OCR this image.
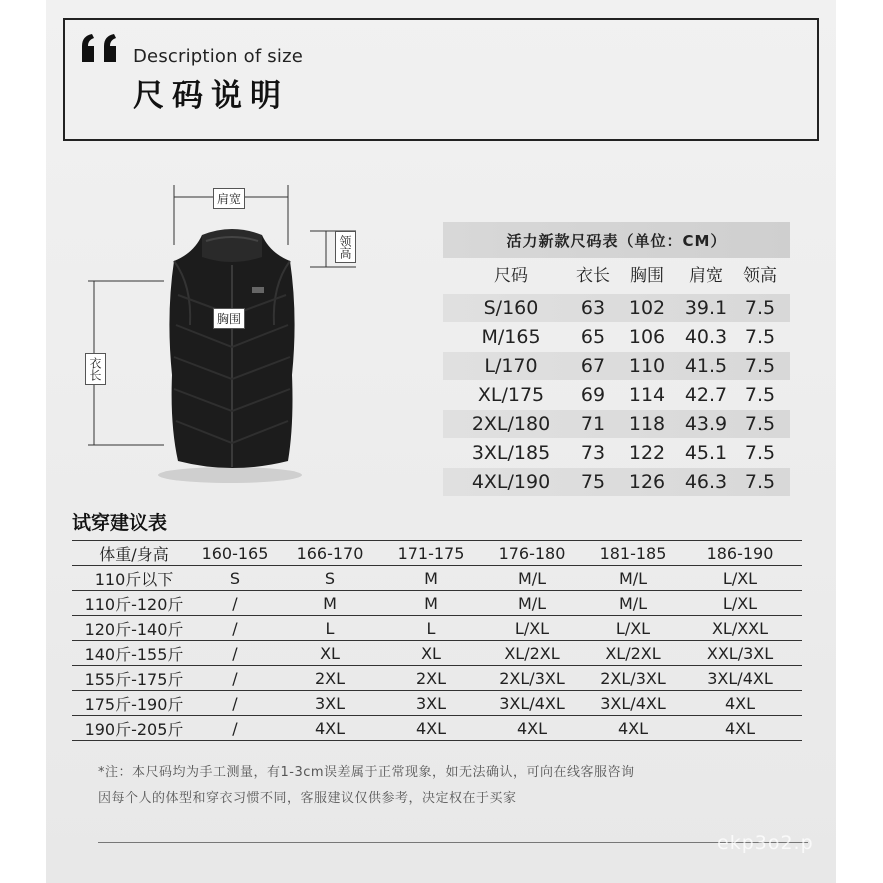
Description of size
尺码说明
肩宽
领高
胸围
衣长
活力新款尺码表（单位：CM）
尺码	衣长	胸围	肩宽	领高
S/160	63	102	39.1 7.5
M/165	65	106	40.3 7.5
L/170	67	110	41.5 7.5
XL/175	69	114	42.7 7.5
2XL/180	71	118	43.9 7.5
3XL/185	73	122	45.1 7.5
4XL/190	75	126	46.3 7.5
试穿建议表
体重/身高	160-165	166-170	171-175	176-180	181-185	186-190
110斤以下	S	S	M	M/L	M/L	L/XL
110斤-120斤	/	M	M	M/L	M/L	L/XL
120斤-140斤	/	L	L	L/XL	L/XL	XL/XXL
140斤-155斤	/	XL	XL	XL/2XL	XL/2XL	XXL/3XL
155斤-175斤	/	2XL	2XL	2XL/3XL	2XL/3XL	3XL/4XL
175斤-190斤	/	3XL	3XL	3XL/4XL	3XL/4XL	4XL
190斤-205斤	/	4XL	4XL	4XL	4XL	4XL
*注：本尺码均为手工测量，有1-3cm误差属于正常现象，如无法确认，可向在线客服咨询
因每个人的体型和穿衣习惯不同，客服建议仅供参考，决定权在于买家
ekp3o2.p
